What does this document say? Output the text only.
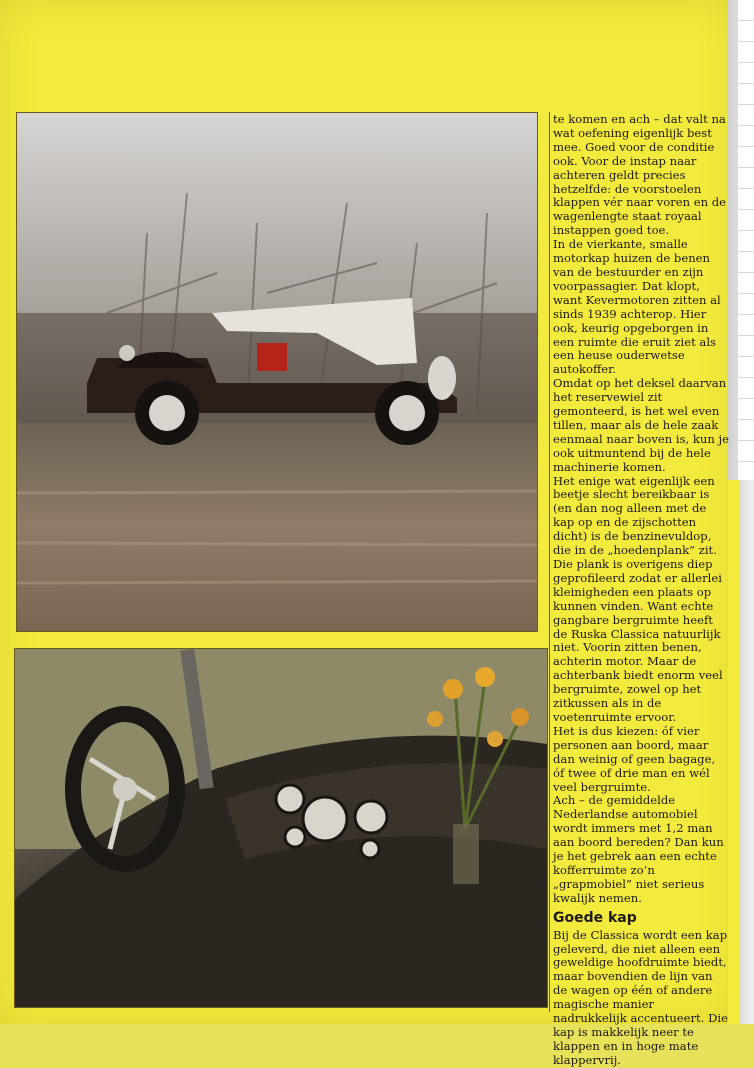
te komen en ach – dat valt na wat oefening eigenlijk best mee. Goed voor de conditie ook. Voor de instap naar achteren geldt precies hetzelfde: de voorstoelen klappen vér naar voren en de wagenlengte staat royaal instappen goed toe.

In de vierkante, smalle motorkap huizen de benen van de bestuurder en zijn voorpassagier. Dat klopt, want Kevermotoren zitten al sinds 1939 achterop. Hier ook, keurig opgeborgen in een ruimte die eruit ziet als een heuse ouderwetse autokoffer.

Omdat op het deksel daarvan het reservewiel zit gemonteerd, is het wel even tillen, maar als de hele zaak eenmaal naar boven is, kun je ook uitmuntend bij de hele machinerie komen.

Het enige wat eigenlijk een beetje slecht bereikbaar is (en dan nog alleen met de kap op en de zijschotten dicht) is de benzinevuldop, die in de „hoedenplank” zit. Die plank is overigens diep geprofileerd zodat er allerlei kleinigheden een plaats op kunnen vinden. Want echte gangbare bergruimte heeft de Ruska Classica natuurlijk niet. Voorin zitten benen, achterin motor. Maar de achterbank biedt enorm veel bergruimte, zowel op het zitkussen als in de voetenruimte ervoor.

Het is dus kiezen: óf vier personen aan boord, maar dan weinig of geen bagage, óf twee of drie man en wél veel bergruimte.

Ach – de gemiddelde Nederlandse automobiel wordt immers met 1,2 man aan boord bereden? Dan kun je het gebrek aan een echte kofferruimte zo’n „grapmobiel” niet serieus kwalijk nemen.

Goede kap

Bij de Classica wordt een kap geleverd, die niet alleen een geweldige hoofdruimte biedt, maar bovendien de lijn van de wagen op één of andere magische manier nadrukkelijk accentueert. Die kap is makkelijk neer te klappen en in hoge mate klappervrij.
